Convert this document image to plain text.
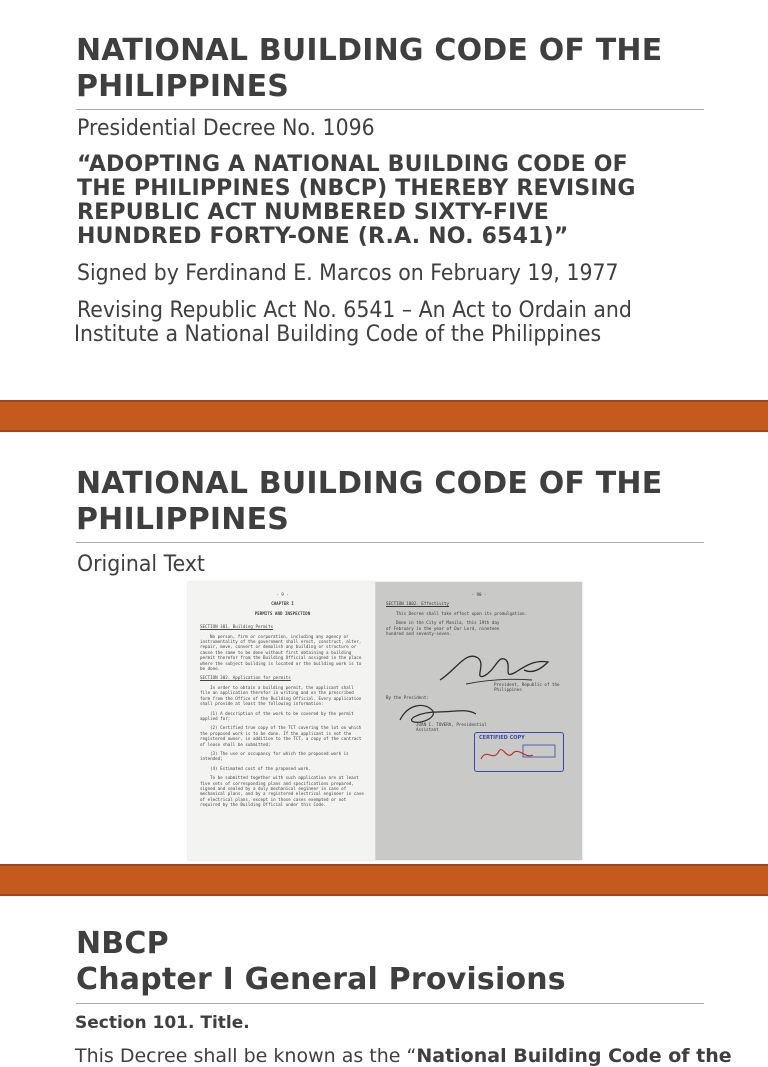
NATIONAL BUILDING CODE OF THE PHILIPPINES

Presidential Decree No. 1096

“ADOPTING A NATIONAL BUILDING CODE OF

THE PHILIPPINES (NBCP) THEREBY REVISING

REPUBLIC ACT NUMBERED SIXTY-FIVE

HUNDRED FORTY-ONE (R.A. NO. 6541)”

Signed by Ferdinand E. Marcos on February 19, 1977

Revising Republic Act No. 6541 – An Act to Ordain and

Institute a National Building Code of the Philippines

NATIONAL BUILDING CODE OF THE PHILIPPINES

Original Text

- 9 -
CHAPTER I
PERMITS AND INSPECTION
SECTION 301. Building Permits
No person, firm or corporation, including any agency or instrumentality of the government shall erect, construct, alter, repair, move, convert or demolish any building or structure or cause the same to be done without first obtaining a building permit therefor from the Building Official assigned in the place where the subject building is located or the building work is to be done.
SECTION 302. Application for permits
In order to obtain a building permit, the applicant shall file an application therefor in writing and on the prescribed form from the Office of the Building Official. Every application shall provide at least the following information:
(1) A description of the work to be covered by the permit applied for;
(2) Certified true copy of the TCT covering the lot on which the proposed work is to be done. If the applicant is not the registered owner, in addition to the TCT, a copy of the contract of lease shall be submitted;
(3) The use or occupancy for which the proposed work is intended;
(4) Estimated cost of the proposed work.
To be submitted together with such application are at least five sets of corresponding plans and specifications prepared, signed and sealed by a duly mechanical engineer in case of mechanical plans, and by a registered electrical engineer in case of electrical plans, except in those cases exempted or not required by the Building Official under this Code.
- 90 -
SECTION 1002. Effectivity
This Decree shall take effect upon its promulgation.
Done in the City of Manila, this 19th day of February in the year of Our Lord, nineteen hundred and seventy-seven.
President, Republic of the Philippines
By the President:
JUAN C. TUVERA, Presidential Assistant
CERTIFIED COPY
NBCP
Chapter I General Provisions

Section 101. Title.

This Decree shall be known as the “National Building Code of the
